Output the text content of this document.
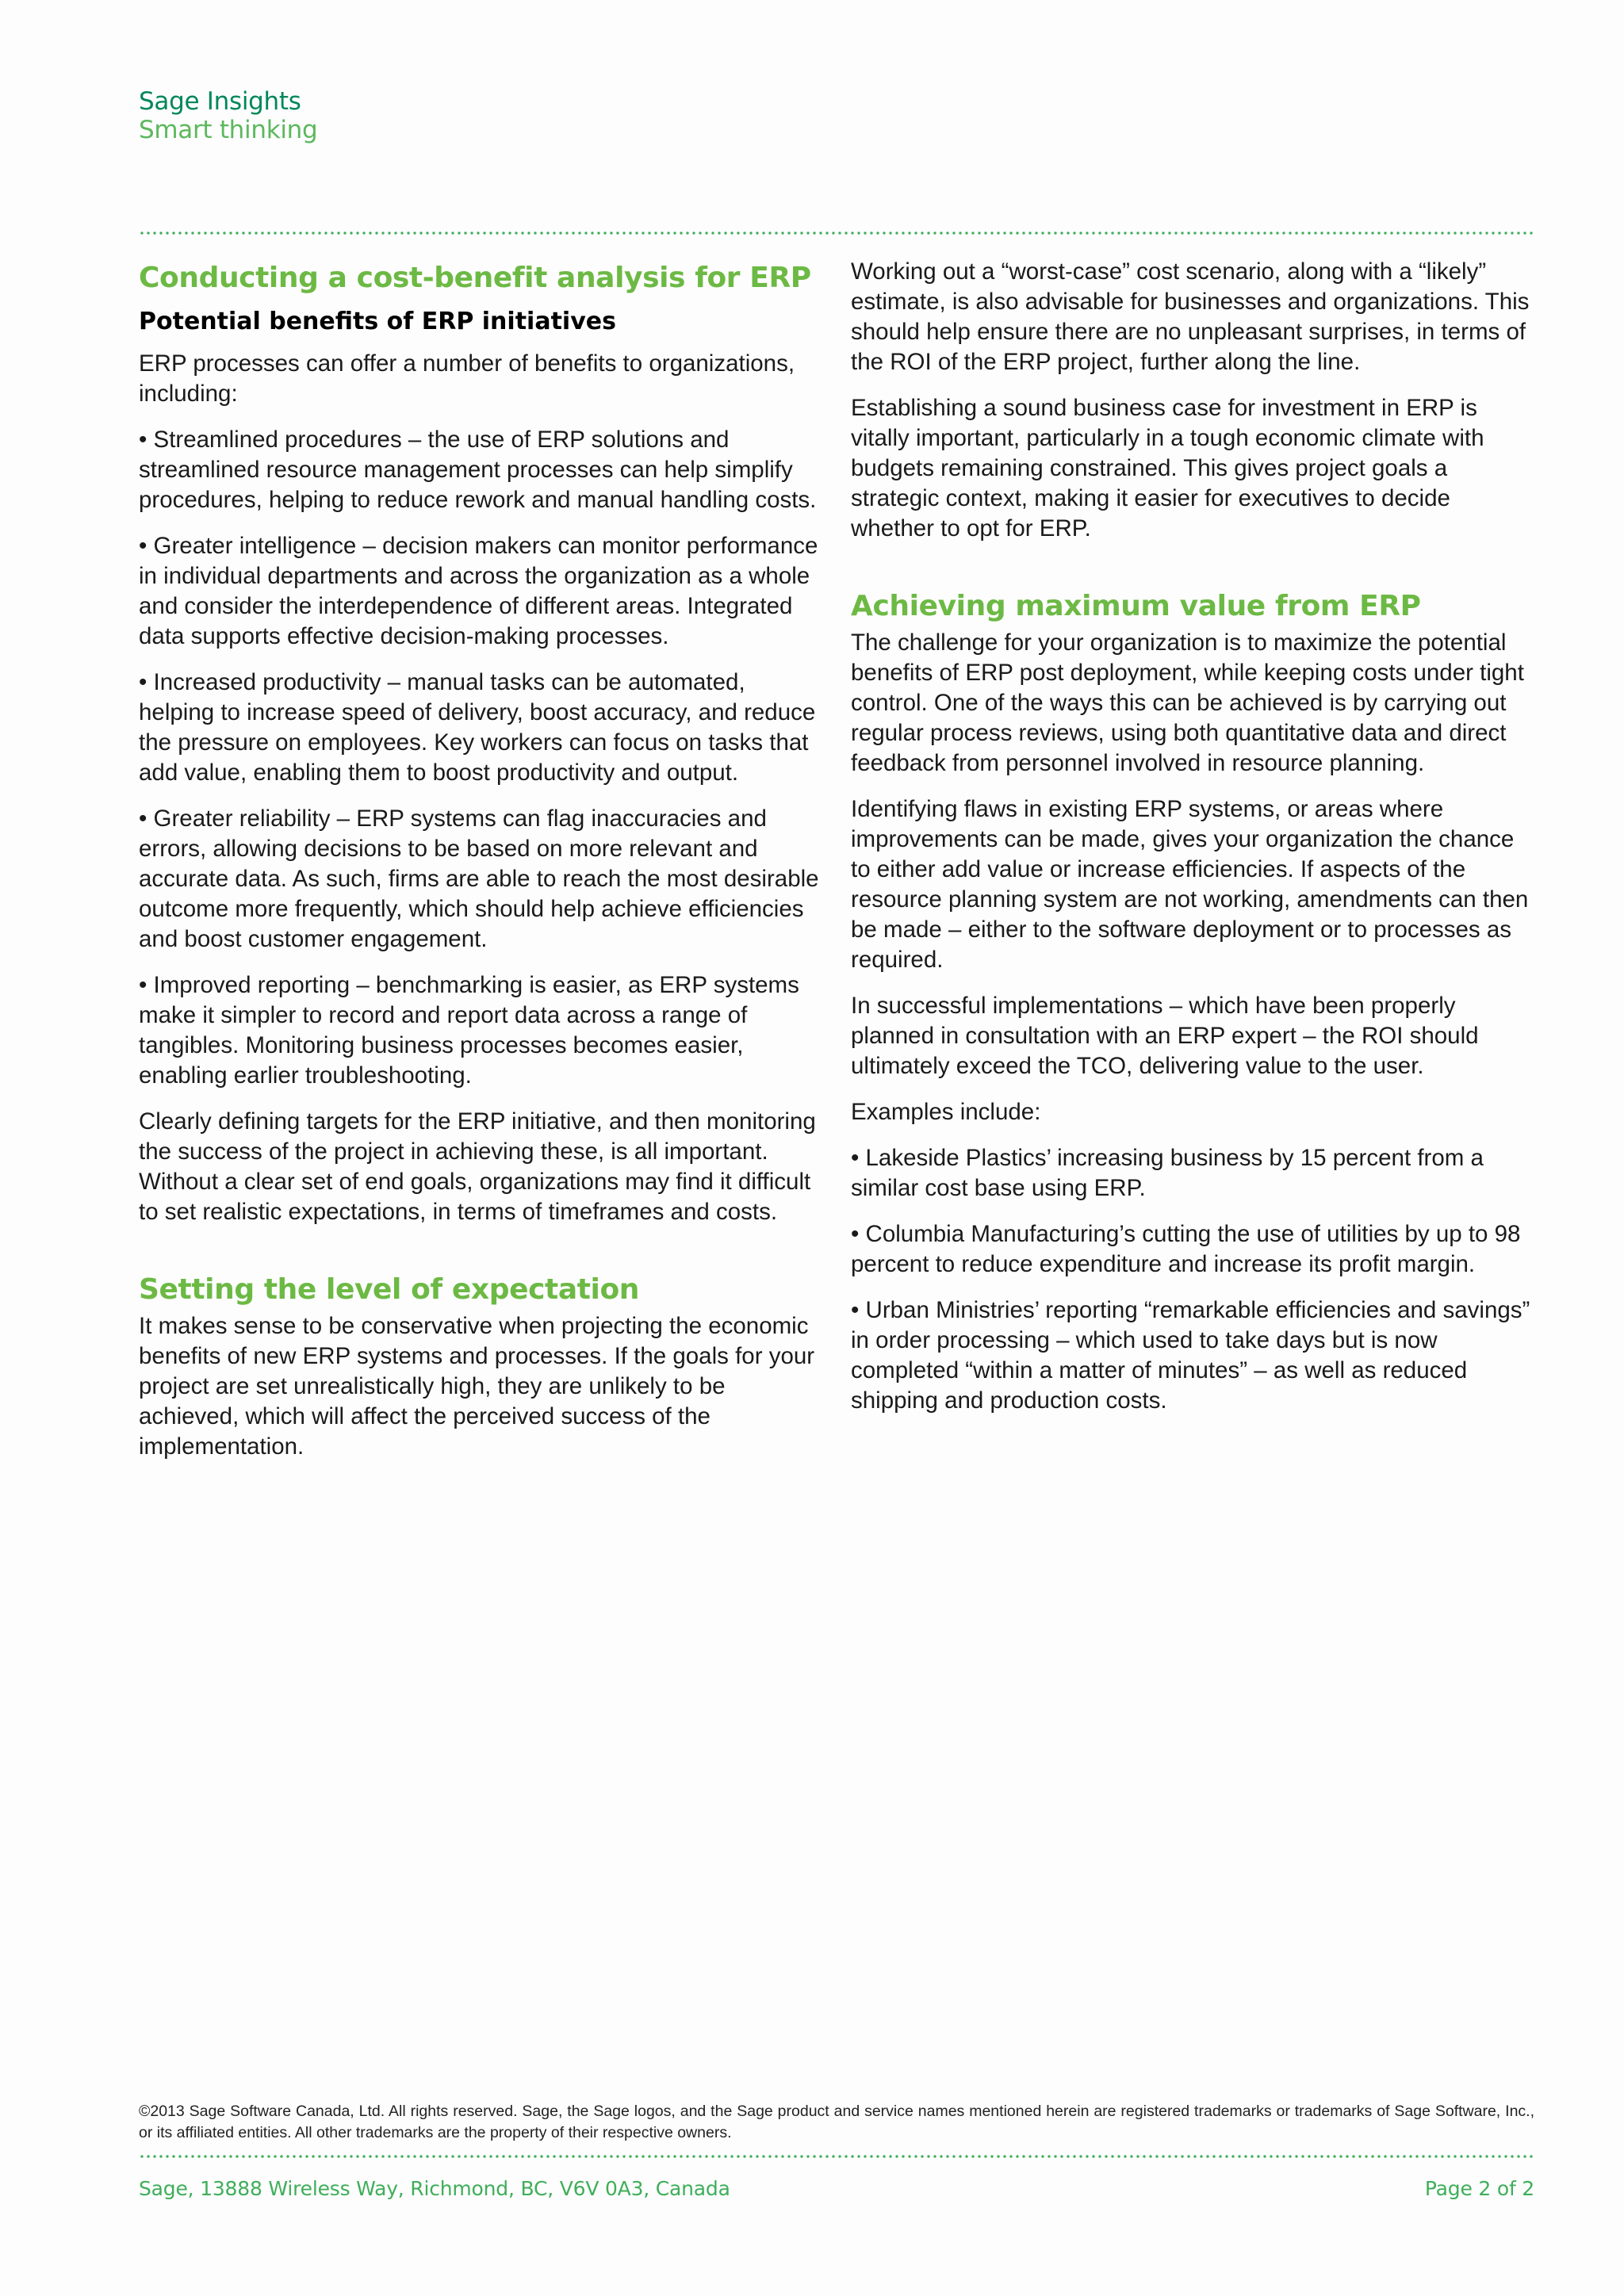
Sage Insights
Smart thinking
Conducting a cost-benefit analysis for ERP
Potential benefits of ERP initiatives

ERP processes can offer a number of benefits to organizations, including:

• Streamlined procedures – the use of ERP solutions and streamlined resource management processes can help simplify procedures, helping to reduce rework and manual handling costs.

• Greater intelligence – decision makers can monitor performance in individual departments and across the organization as a whole and consider the interdependence of different areas. Integrated data supports effective decision-making processes.

• Increased productivity – manual tasks can be automated, helping to increase speed of delivery, boost accuracy, and reduce the pressure on employees. Key workers can focus on tasks that add value, enabling them to boost productivity and output.

• Greater reliability – ERP systems can flag inaccuracies and errors, allowing decisions to be based on more relevant and accurate data. As such, firms are able to reach the most desirable outcome more frequently, which should help achieve efficiencies and boost customer engagement.

• Improved reporting – benchmarking is easier, as ERP systems make it simpler to record and report data across a range of tangibles. Monitoring business processes becomes easier, enabling earlier troubleshooting.

Clearly defining targets for the ERP initiative, and then monitoring the success of the project in achieving these, is all important. Without a clear set of end goals, organizations may find it difficult to set realistic expectations, in terms of timeframes and costs.

Setting the level of expectation

It makes sense to be conservative when projecting the economic benefits of new ERP systems and processes. If the goals for your project are set unrealistically high, they are unlikely to be achieved, which will affect the perceived success of the implementation.

Working out a “worst-case” cost scenario, along with a “likely” estimate, is also advisable for businesses and organizations. This should help ensure there are no unpleasant surprises, in terms of the ROI of the ERP project, further along the line.

Establishing a sound business case for investment in ERP is vitally important, particularly in a tough economic climate with budgets remaining constrained. This gives project goals a strategic context, making it easier for executives to decide whether to opt for ERP.

Achieving maximum value from ERP

The challenge for your organization is to maximize the potential benefits of ERP post deployment, while keeping costs under tight control. One of the ways this can be achieved is by carrying out regular process reviews, using both quantitative data and direct feedback from personnel involved in resource planning.

Identifying flaws in existing ERP systems, or areas where improvements can be made, gives your organization the chance to either add value or increase efficiencies. If aspects of the resource planning system are not working, amendments can then be made – either to the software deployment or to processes as required.

In successful implementations – which have been properly planned in consultation with an ERP expert – the ROI should ultimately exceed the TCO, delivering value to the user.

Examples include:

• Lakeside Plastics’ increasing business by 15 percent from a similar cost base using ERP.

• Columbia Manufacturing’s cutting the use of utilities by up to 98 percent to reduce expenditure and increase its profit margin.

• Urban Ministries’ reporting “remarkable efficiencies and savings” in order processing – which used to take days but is now completed “within a matter of minutes” – as well as reduced shipping and production costs.

©2013 Sage Software Canada, Ltd. All rights reserved. Sage, the Sage logos, and the Sage product and service names mentioned herein are registered trademarks or trademarks of Sage Software, Inc., or its affiliated entities. All other trademarks are the property of their respective owners.
Sage, 13888 Wireless Way, Richmond, BC, V6V 0A3, Canada	Page 2 of 2
